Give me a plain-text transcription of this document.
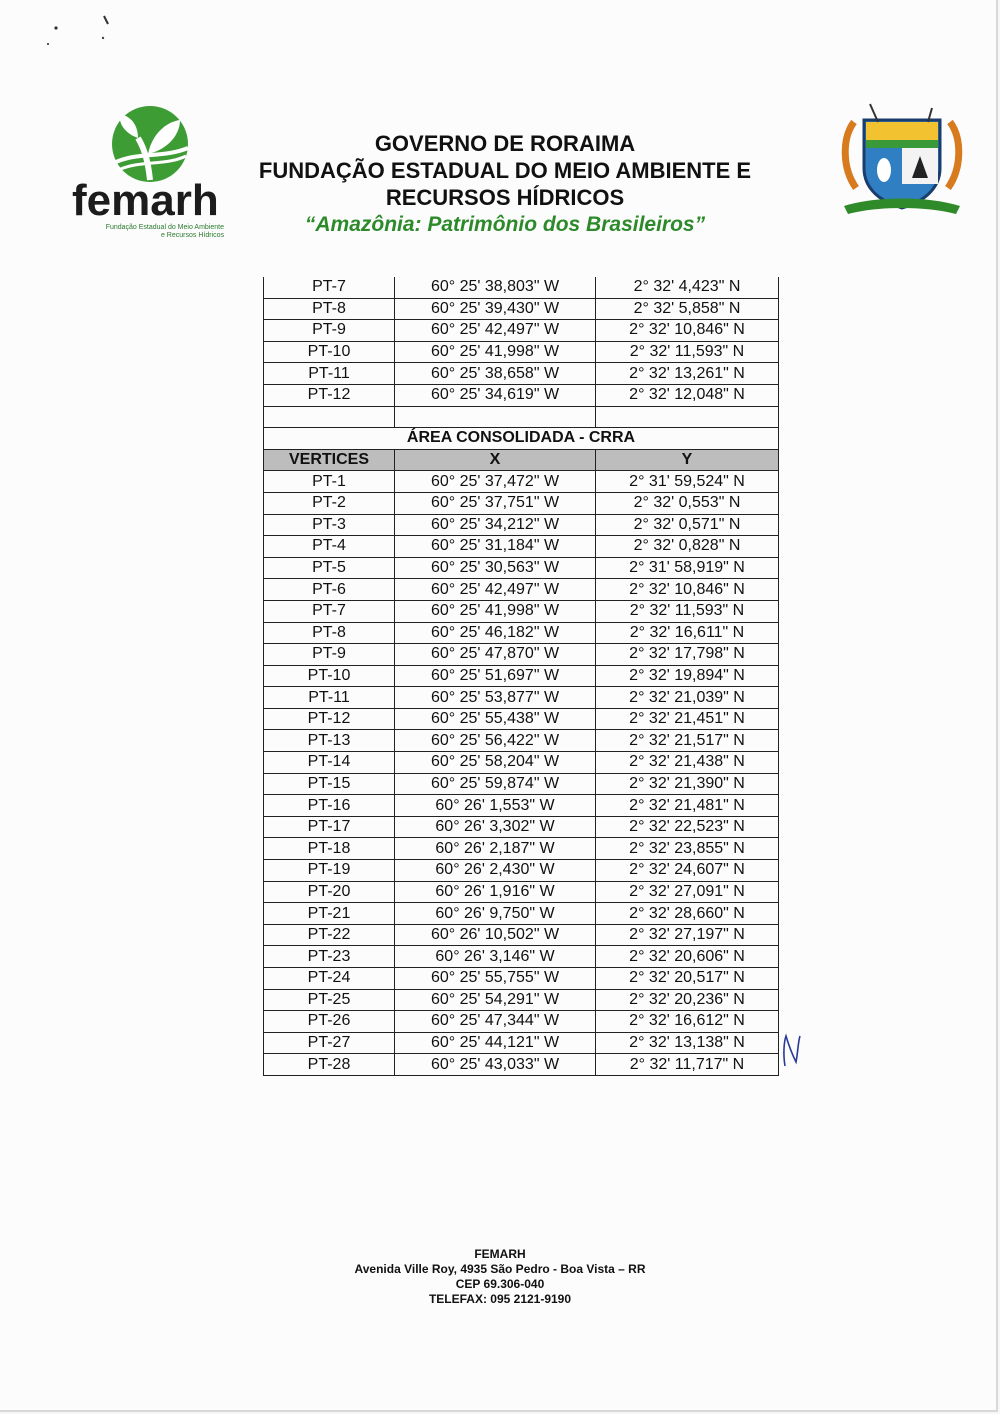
femarh
Fundação Estadual do Meio Ambiente
e Recursos Hídricos
GOVERNO DE RORAIMA
FUNDAÇÃO ESTADUAL DO MEIO AMBIENTE E
RECURSOS HÍDRICOS
“Amazônia: Patrimônio dos Brasileiros”
PT-7	60° 25' 38,803" W	2° 32' 4,423" N
PT-8	60° 25' 39,430" W	2° 32' 5,858" N
PT-9	60° 25' 42,497" W	2° 32' 10,846" N
PT-10	60° 25' 41,998" W	2° 32' 11,593" N
PT-11	60° 25' 38,658" W	2° 32' 13,261" N
PT-12	60° 25' 34,619" W	2° 32' 12,048" N

ÁREA CONSOLIDADA - CRRA		
VERTICES	X	Y
PT-1	60° 25' 37,472" W	2° 31' 59,524" N
PT-2	60° 25' 37,751" W	2° 32' 0,553" N
PT-3	60° 25' 34,212" W	2° 32' 0,571" N
PT-4	60° 25' 31,184" W	2° 32' 0,828" N
PT-5	60° 25' 30,563" W	2° 31' 58,919" N
PT-6	60° 25' 42,497" W	2° 32' 10,846" N
PT-7	60° 25' 41,998" W	2° 32' 11,593" N
PT-8	60° 25' 46,182" W	2° 32' 16,611" N
PT-9	60° 25' 47,870" W	2° 32' 17,798" N
PT-10	60° 25' 51,697" W	2° 32' 19,894" N
PT-11	60° 25' 53,877" W	2° 32' 21,039" N
PT-12	60° 25' 55,438" W	2° 32' 21,451" N
PT-13	60° 25' 56,422" W	2° 32' 21,517" N
PT-14	60° 25' 58,204" W	2° 32' 21,438" N
PT-15	60° 25' 59,874" W	2° 32' 21,390" N
PT-16	60° 26' 1,553" W	2° 32' 21,481" N
PT-17	60° 26' 3,302" W	2° 32' 22,523" N
PT-18	60° 26' 2,187" W	2° 32' 23,855" N
PT-19	60° 26' 2,430" W	2° 32' 24,607" N
PT-20	60° 26' 1,916" W	2° 32' 27,091" N
PT-21	60° 26' 9,750" W	2° 32' 28,660" N
PT-22	60° 26' 10,502" W	2° 32' 27,197" N
PT-23	60° 26' 3,146" W	2° 32' 20,606" N
PT-24	60° 25' 55,755" W	2° 32' 20,517" N
PT-25	60° 25' 54,291" W	2° 32' 20,236" N
PT-26	60° 25' 47,344" W	2° 32' 16,612" N
PT-27	60° 25' 44,121" W	2° 32' 13,138" N
PT-28	60° 25' 43,033" W	2° 32' 11,717" N
FEMARH
Avenida Ville Roy, 4935 São Pedro - Boa Vista – RR
CEP 69.306-040
TELEFAX: 095 2121-9190
